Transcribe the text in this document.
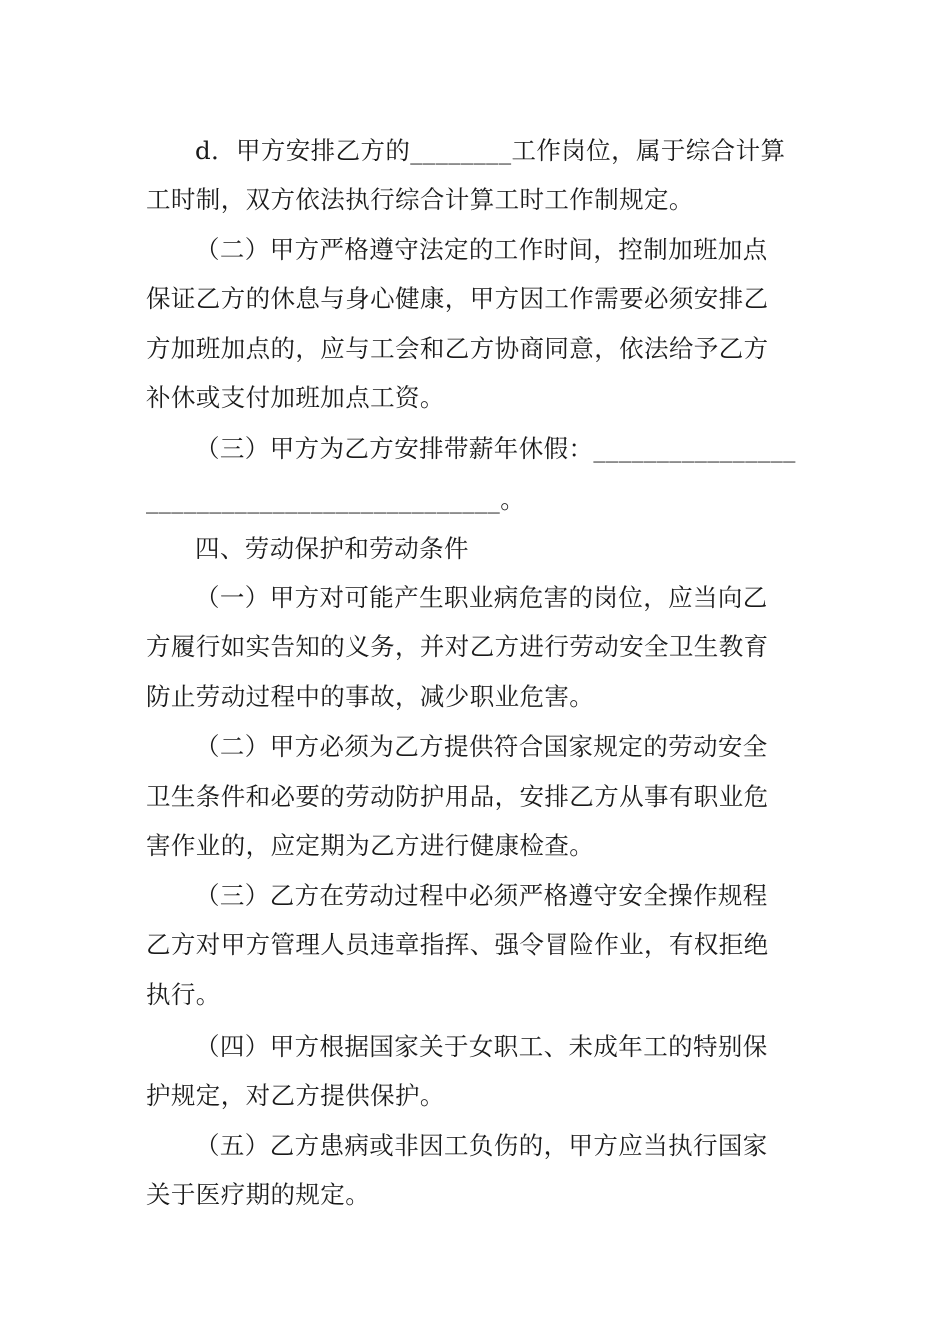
d．甲方安排乙方的________工作岗位，属于综合计算
工时制，双方依法执行综合计算工时工作制规定。
（二）甲方严格遵守法定的工作时间，控制加班加点
保证乙方的休息与身心健康，甲方因工作需要必须安排乙
方加班加点的，应与工会和乙方协商同意，依法给予乙方
补休或支付加班加点工资。
（三）甲方为乙方安排带薪年休假：________________
____________________________。
四、劳动保护和劳动条件
（一）甲方对可能产生职业病危害的岗位，应当向乙
方履行如实告知的义务，并对乙方进行劳动安全卫生教育
防止劳动过程中的事故，减少职业危害。
（二）甲方必须为乙方提供符合国家规定的劳动安全
卫生条件和必要的劳动防护用品，安排乙方从事有职业危
害作业的，应定期为乙方进行健康检查。
（三）乙方在劳动过程中必须严格遵守安全操作规程
乙方对甲方管理人员违章指挥、强令冒险作业，有权拒绝
执行。
（四）甲方根据国家关于女职工、未成年工的特别保
护规定，对乙方提供保护。
（五）乙方患病或非因工负伤的，甲方应当执行国家
关于医疗期的规定。
